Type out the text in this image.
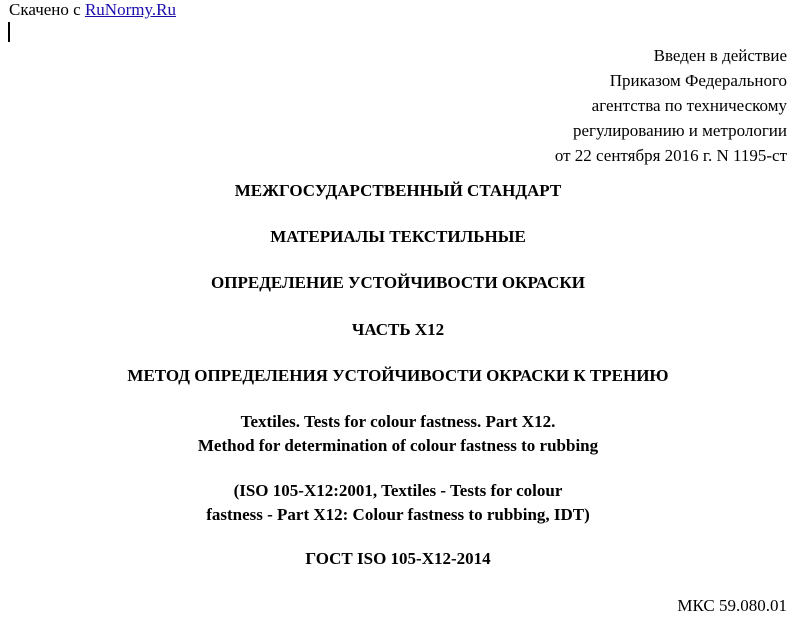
Скачено с RuNormy.Ru
Введен в действие
Приказом Федерального
агентства по техническому
регулированию и метрологии
от 22 сентября 2016 г. N 1195-ст
МЕЖГОСУДАРСТВЕННЫЙ СТАНДАРТ
МАТЕРИАЛЫ ТЕКСТИЛЬНЫЕ
ОПРЕДЕЛЕНИЕ УСТОЙЧИВОСТИ ОКРАСКИ
ЧАСТЬ X12
МЕТОД ОПРЕДЕЛЕНИЯ УСТОЙЧИВОСТИ ОКРАСКИ К ТРЕНИЮ
Textiles. Tests for colour fastness. Part X12.
Method for determination of colour fastness to rubbing
(ISO 105-X12:2001, Textiles - Tests for colour
fastness - Part X12: Colour fastness to rubbing, IDT)
ГОСТ ISO 105-X12-2014
МКС 59.080.01
